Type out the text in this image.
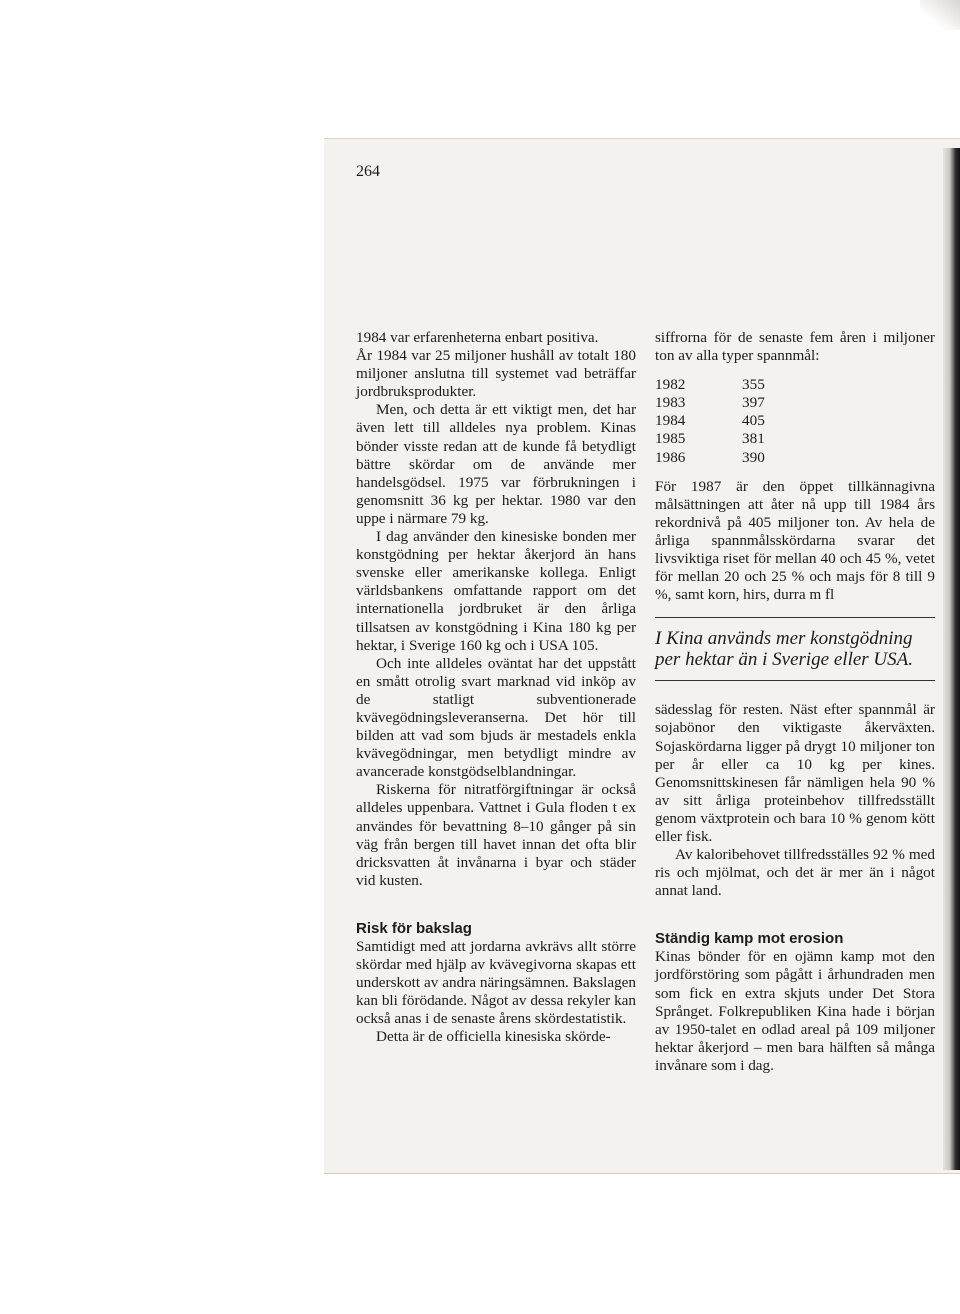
264

1984 var erfarenheterna enbart positiva.

År 1984 var 25 miljoner hushåll av totalt 180 miljoner anslutna till systemet vad beträffar jordbruksprodukter.

Men, och detta är ett viktigt men, det har även lett till alldeles nya problem. Kinas bönder visste redan att de kunde få betydligt bättre skördar om de använde mer handelsgödsel. 1975 var förbrukningen i genomsnitt 36 kg per hektar. 1980 var den uppe i närmare 79 kg.

I dag använder den kinesiske bonden mer konstgödning per hektar åkerjord än hans svenske eller amerikanske kollega. Enligt världsbankens omfattande rapport om det internationella jordbruket är den årliga tillsatsen av konstgödning i Kina 180 kg per hektar, i Sverige 160 kg och i USA 105.

Och inte alldeles oväntat har det uppstått en smått otrolig svart marknad vid inköp av de statligt subventionerade kvävegödningsleveranserna. Det hör till bilden att vad som bjuds är mestadels enkla kvävegödningar, men betydligt mindre av avancerade konstgödselblandningar.

Riskerna för nitratförgiftningar är också alldeles uppenbara. Vattnet i Gula floden t ex användes för bevattning 8–10 gånger på sin väg från bergen till havet innan det ofta blir dricksvatten åt invånarna i byar och städer vid kusten.

Risk för bakslag

Samtidigt med att jordarna avkrävs allt större skördar med hjälp av kvävegivorna skapas ett underskott av andra näringsämnen. Bakslagen kan bli förödande. Något av dessa rekyler kan också anas i de senaste årens skördestatistik.

Detta är de officiella kinesiska skörde-

siffrorna för de senaste fem åren i miljoner ton av alla typer spannmål:

1982	355
1983	397
1984	405
1985	381
1986	390

För 1987 är den öppet tillkännagivna målsättningen att åter nå upp till 1984 års rekordnivå på 405 miljoner ton. Av hela de årliga spannmålsskördarna svarar det livsviktiga riset för mellan 40 och 45 %, vetet för mellan 20 och 25 % och majs för 8 till 9 %, samt korn, hirs, durra m fl

I Kina används mer konstgödning per hektar än i Sverige eller USA.

sädesslag för resten. Näst efter spannmål är sojabönor den viktigaste åkerväxten. Sojaskördarna ligger på drygt 10 miljoner ton per år eller ca 10 kg per kines. Genomsnittskinesen får nämligen hela 90 % av sitt årliga proteinbehov tillfredsställt genom växtprotein och bara 10 % genom kött eller fisk.

Av kaloribehovet tillfredsställes 92 % med ris och mjölmat, och det är mer än i något annat land.

Ständig kamp mot erosion

Kinas bönder för en ojämn kamp mot den jordförstöring som pågått i århundraden men som fick en extra skjuts under Det Stora Språnget. Folkrepubliken Kina hade i början av 1950-talet en odlad areal på 109 miljoner hektar åkerjord – men bara hälften så många invånare som i dag.
